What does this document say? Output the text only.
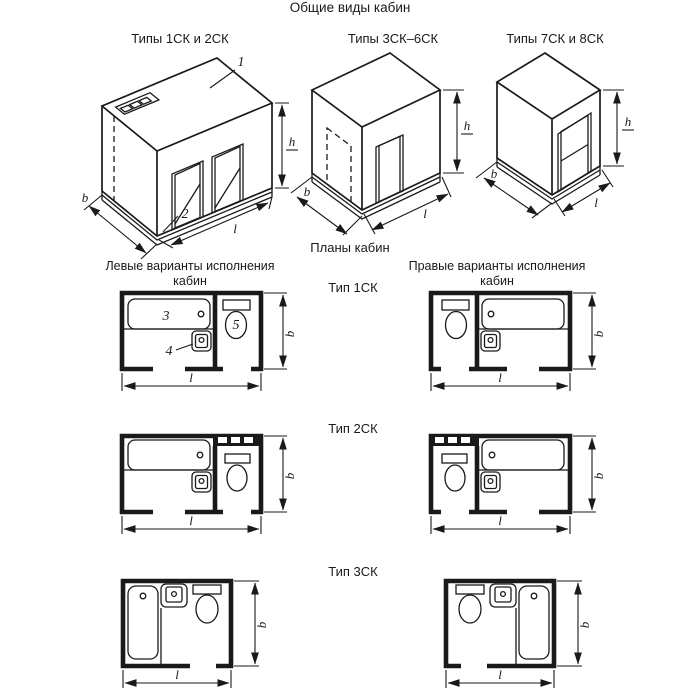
Общие виды кабин
Типы 1СК и 2СК	Типы 3СК–6СК	Типы 7СК и 8СК
1
2
b
l
h
b
l
h
b
l
h
Планы кабин
Левые варианты исполнения кабин
Правые варианты исполнения кабин
Тип 1СК
3
4
5
b
l
b
l
Тип 2СК
b
l
b
l
Тип 3СК
b
l
b
l
